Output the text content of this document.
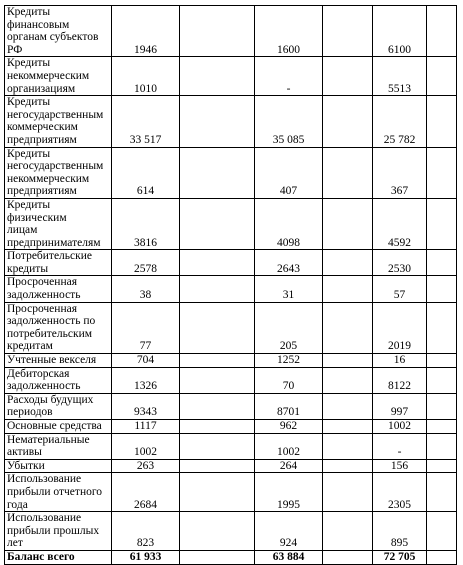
Кредиты финансовым
органам субъектов
РФ	1946		1600		6100	

Кредиты
некоммерческим
организациям	1010		-		5513	

Кредиты
негосударственным
коммерческим
предприятиям	33 517		35 085		25 782	

Кредиты
негосударственным
некоммерческим
предприятиям	614		407		367	

Кредиты физическим
лицам
предпринимателям	3816		4098		4592	

Потребительские
кредиты	2578		2643		2530	

Просроченная
задолженность	38		31		57	

Просроченная
задолженность по
потребительским
кредитам	77		205		2019	

Учтенные векселя	704		1252		16	

Дебиторская
задолженность	1326		70		8122	

Расходы будущих
периодов	9343		8701		997	

Основные средства	1117		962		1002	

Нематериальные
активы	1002		1002		-	

Убытки	263		264		156	

Использование
прибыли отчетного
года	2684		1995		2305	

Использование
прибыли прошлых
лет	823		924		895	
Баланс всего	61 933		63 884		72 705	
